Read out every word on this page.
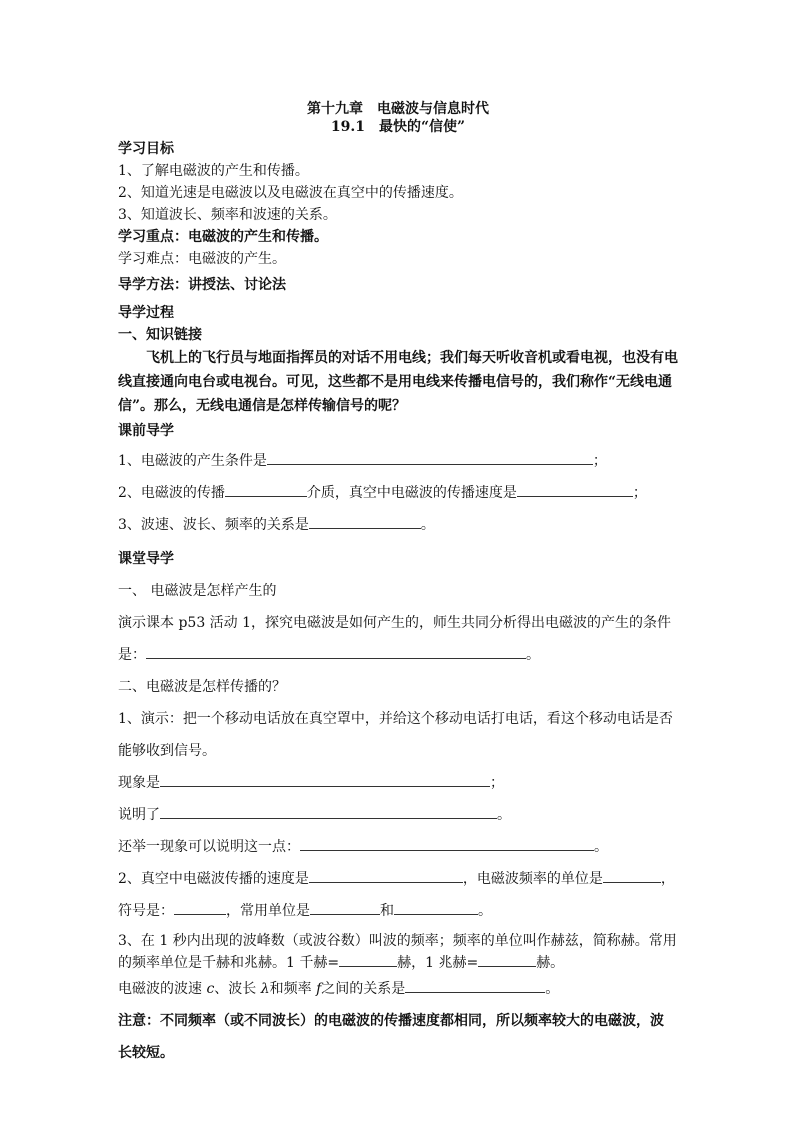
第十九章　电磁波与信息时代
19.1　最快的“信使”
学习目标
1、了解电磁波的产生和传播。
2、知道光速是电磁波以及电磁波在真空中的传播速度。
3、知道波长、频率和波速的关系。
学习重点：电磁波的产生和传播。
学习难点：电磁波的产生。
导学方法：讲授法、讨论法
导学过程
一、知识链接
飞机上的飞行员与地面指挥员的对话不用电线；我们每天听收音机或看电视，也没有电线直接通向电台或电视台。可见，这些都不是用电线来传播电信号的，我们称作“无线电通信”。那么，无线电通信是怎样传输信号的呢？
课前导学
1、电磁波的产生条件是	；
2、电磁波的传播	介质，真空中电磁波的传播速度是	；
3、波速、波长、频率的关系是	。
课堂导学
一、 电磁波是怎样产生的
演示课本 p53 活动 1，探究电磁波是如何产生的，师生共同分析得出电磁波的产生的条件
是：	。
二、电磁波是怎样传播的？
1、演示：把一个移动电话放在真空罩中，并给这个移动电话打电话，看这个移动电话是否
能够收到信号。
现象是	；
说明了	。
还举一现象可以说明这一点：	。
2、真空中电磁波传播的速度是	，电磁波频率的单位是	，
符号是：	，常用单位是	和	。
3、在 1 秒内出现的波峰数（或波谷数）叫波的频率；频率的单位叫作赫兹，简称赫。常用
的频率单位是千赫和兆赫。1 千赫=	赫，1 兆赫=	赫。
电磁波的波速 c、波长 λ和频率 f之间的关系是	。
注意：不同频率（或不同波长）的电磁波的传播速度都相同，所以频率较大的电磁波，波
长较短。
